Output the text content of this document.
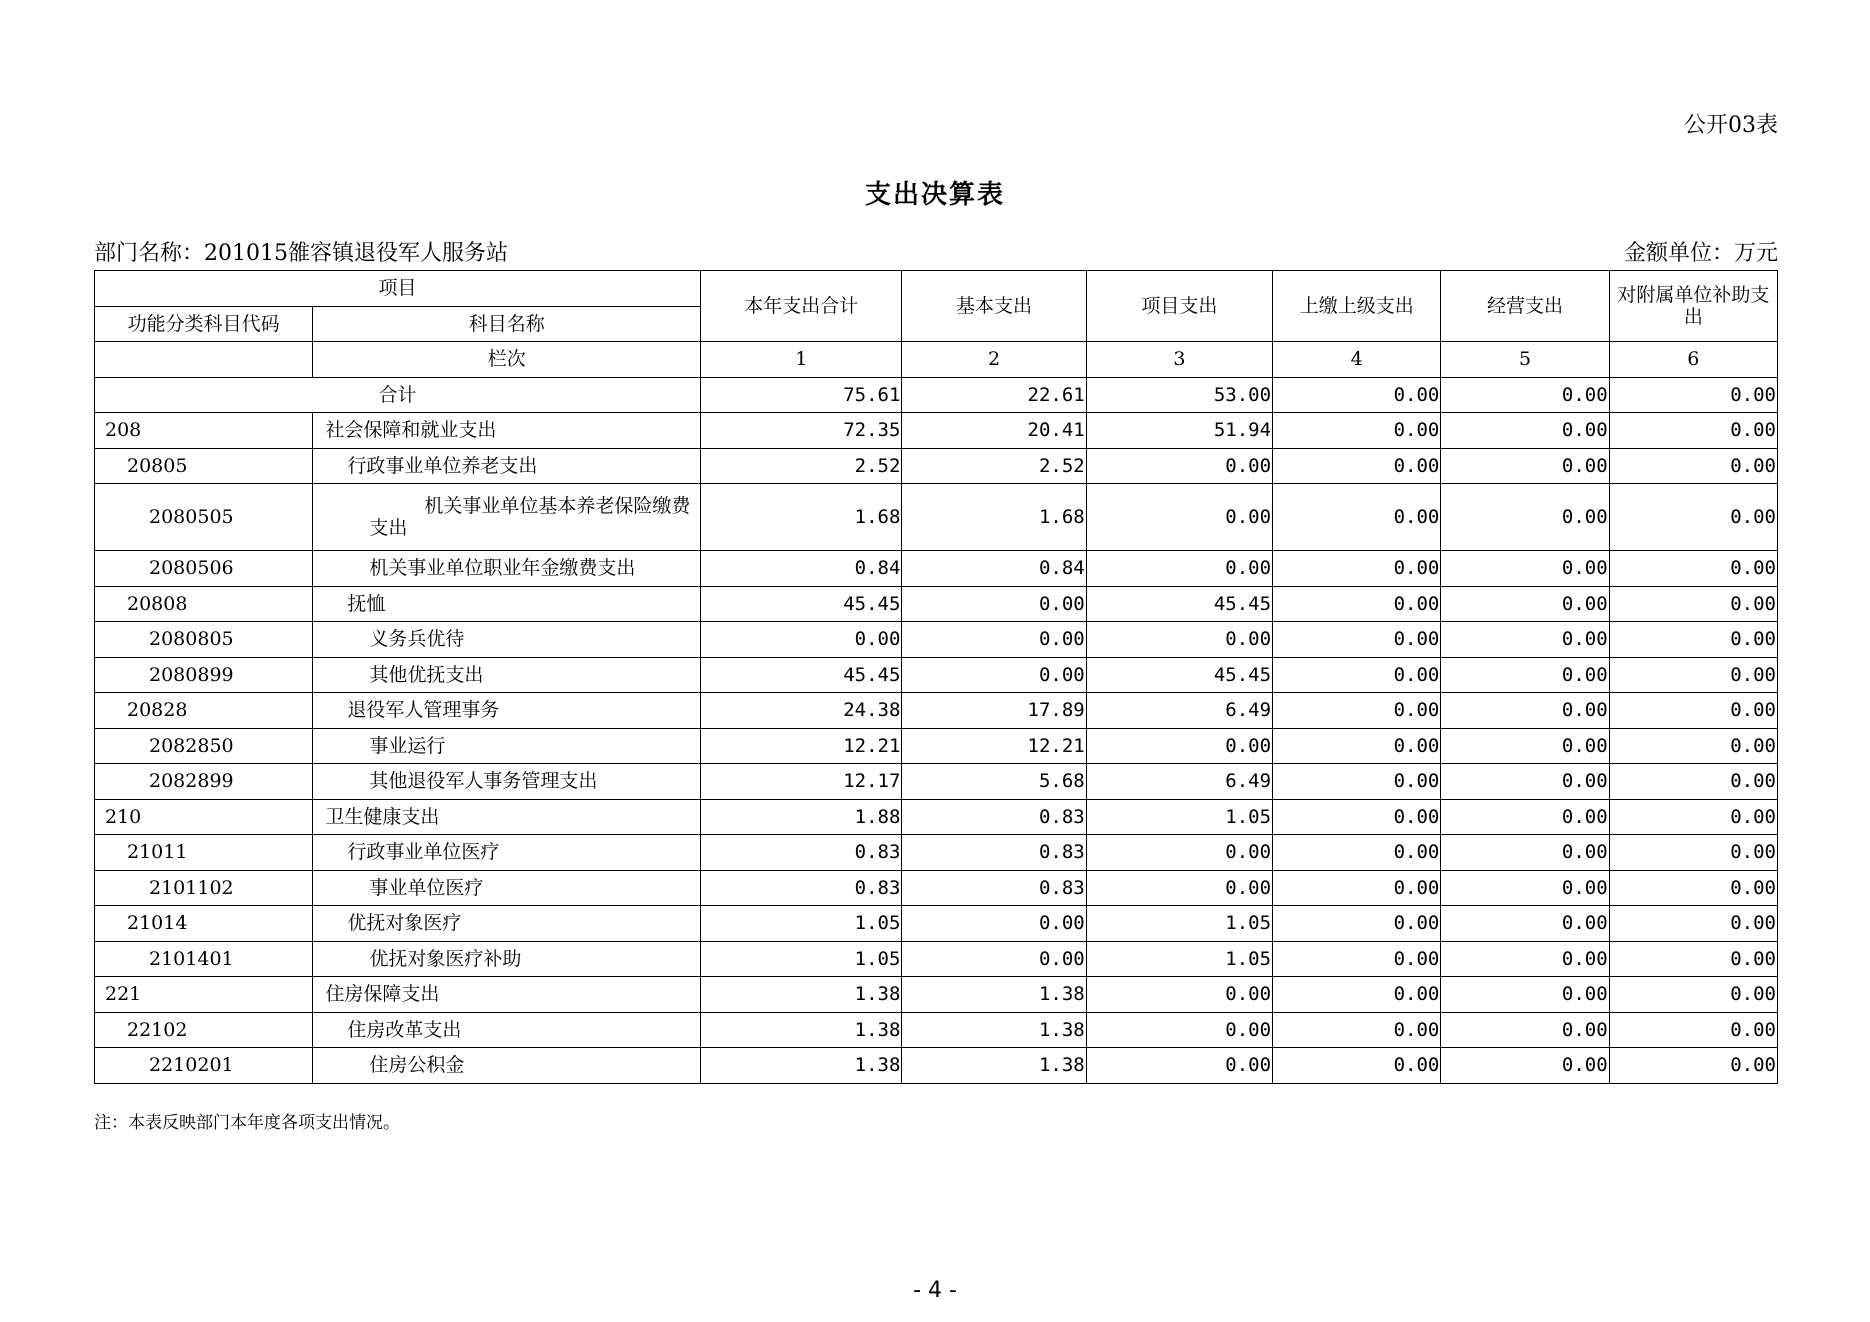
公开03表
支出决算表
部门名称：201015雒容镇退役军人服务站	金额单位：万元
项目		本年支出合计	基本支出	项目支出	上缴上级支出	经营支出	对附属单位补助支出
功能分类科目代码	科目名称						
	栏次	1	2	3	4	5	6
合计		75.61	22.61	53.00	0.00	0.00	0.00
208	社会保障和就业支出	72.35	20.41	51.94	0.00	0.00	0.00
20805	行政事业单位养老支出	2.52	2.52	0.00	0.00	0.00	0.00
2080505	机关事业单位基本养老保险缴费支出	1.68	1.68	0.00	0.00	0.00	0.00
2080506	机关事业单位职业年金缴费支出	0.84	0.84	0.00	0.00	0.00	0.00
20808	抚恤	45.45	0.00	45.45	0.00	0.00	0.00
2080805	义务兵优待	0.00	0.00	0.00	0.00	0.00	0.00
2080899	其他优抚支出	45.45	0.00	45.45	0.00	0.00	0.00
20828	退役军人管理事务	24.38	17.89	6.49	0.00	0.00	0.00
2082850	事业运行	12.21	12.21	0.00	0.00	0.00	0.00
2082899	其他退役军人事务管理支出	12.17	5.68	6.49	0.00	0.00	0.00
210	卫生健康支出	1.88	0.83	1.05	0.00	0.00	0.00
21011	行政事业单位医疗	0.83	0.83	0.00	0.00	0.00	0.00
2101102	事业单位医疗	0.83	0.83	0.00	0.00	0.00	0.00
21014	优抚对象医疗	1.05	0.00	1.05	0.00	0.00	0.00
2101401	优抚对象医疗补助	1.05	0.00	1.05	0.00	0.00	0.00
221	住房保障支出	1.38	1.38	0.00	0.00	0.00	0.00
22102	住房改革支出	1.38	1.38	0.00	0.00	0.00	0.00
2210201	住房公积金	1.38	1.38	0.00	0.00	0.00	0.00
注：本表反映部门本年度各项支出情况。
- 4 -
